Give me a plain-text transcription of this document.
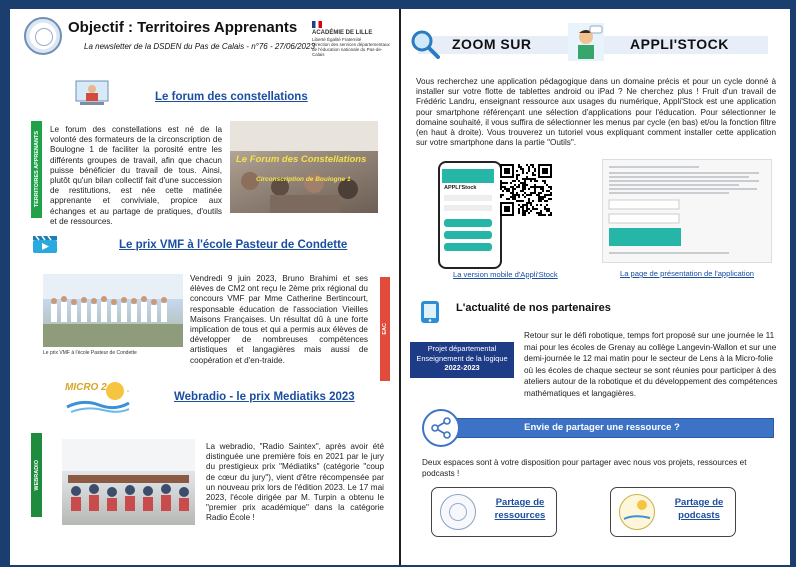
Objectif : Territoires Apprenants
La newsletter de la DSDEN du Pas de Calais - n°76 - 27/06/2023
ACADÉMIE DE LILLE
Liberté Égalité Fraternité
Direction des services départementaux de l'éducation nationale du Pas-de-Calais
Le forum des constellations
TERRITOIRES APPRENANTS
Le forum des constellations est né de la volonté des formateurs de la circonscription de Boulogne 1 de faciliter la porosité entre les différents groupes de travail, afin que chacun puisse bénéficier du travail de tous. Ainsi, plutôt qu'un bilan collectif fait d'une succession de restitutions, est née cette matinée apprenante et conviviale, propice aux échanges et au partage de pratiques, d'outils et de ressources.
Le Forum des Constellations
Circonscription de Boulogne 1
Le prix VMF à l'école Pasteur de Condette
Le prix VMF à l'école Pasteur de Condette
Vendredi 9 juin 2023, Bruno Brahimi et ses élèves de CM2 ont reçu le 2ème prix régional du concours VMF par Mme Catherine Bertincourt, responsable éducation de l'association Vieilles Maisons Françaises. Un résultat dû à une forte implication de tous et qui a permis aux élèves de développer de nombreuses compétences artistiques et langagières mais aussi de coopération et d'en-traide.
EAC
MICRO 2
Webradio - le prix Mediatiks 2023
WEBRADIO
La webradio, "Radio Saintex", après avoir été distinguée une première fois en 2021 par le jury du prestigieux prix "Médiatiks" (catégorie "coup de cœur du jury"), vient d'être récompensée par un nouveau prix lors de l'édition 2023. Le 17 mai 2023, l'école dirigée par M. Turpin a obtenu le "premier prix académique" dans la catégorie Radio École !
ZOOM SUR	APPLI'STOCK
Vous recherchez une application pédagogique dans un domaine précis et pour un cycle donné à installer sur votre flotte de tablettes android ou iPad ? Ne cherchez plus ! Fruit d'un travail de Frédéric Landru, enseignant ressource aux usages du numérique, Appli'Stock est une application pour smartphone référençant une sélection d'applications pour l'éducation. Pour sélectionner le domaine souhaité, il vous suffira de sélectionner les menus par cycle (en bas) et/ou la fonction filtre (en haut à droite). Vous trouverez un tutoriel vous expliquant comment installer cette application sur votre smartphone dans la partie "Outils".
APPLI'Stock
La version mobile d'Appli'Stock	La page de présentation de l'application
L'actualité de nos partenaires
Projet départemental
Enseignement de la logique
2022-2023
Retour sur le défi robotique, temps fort proposé sur une journée le 11 mai pour les écoles de Grenay au collège Langevin-Wallon et sur une demi-journée le 12 mai matin pour le secteur de Lens à la Micro-folie où les écoles de chaque secteur se sont réunies pour participer à des ateliers autour de la robotique et du développement des compétences mathématiques et langagières.
Envie de partager une ressource ?
Deux espaces sont à votre disposition pour partager avec nous vos projets, ressources et podcasts !
Partage de ressources
Partage de podcasts
